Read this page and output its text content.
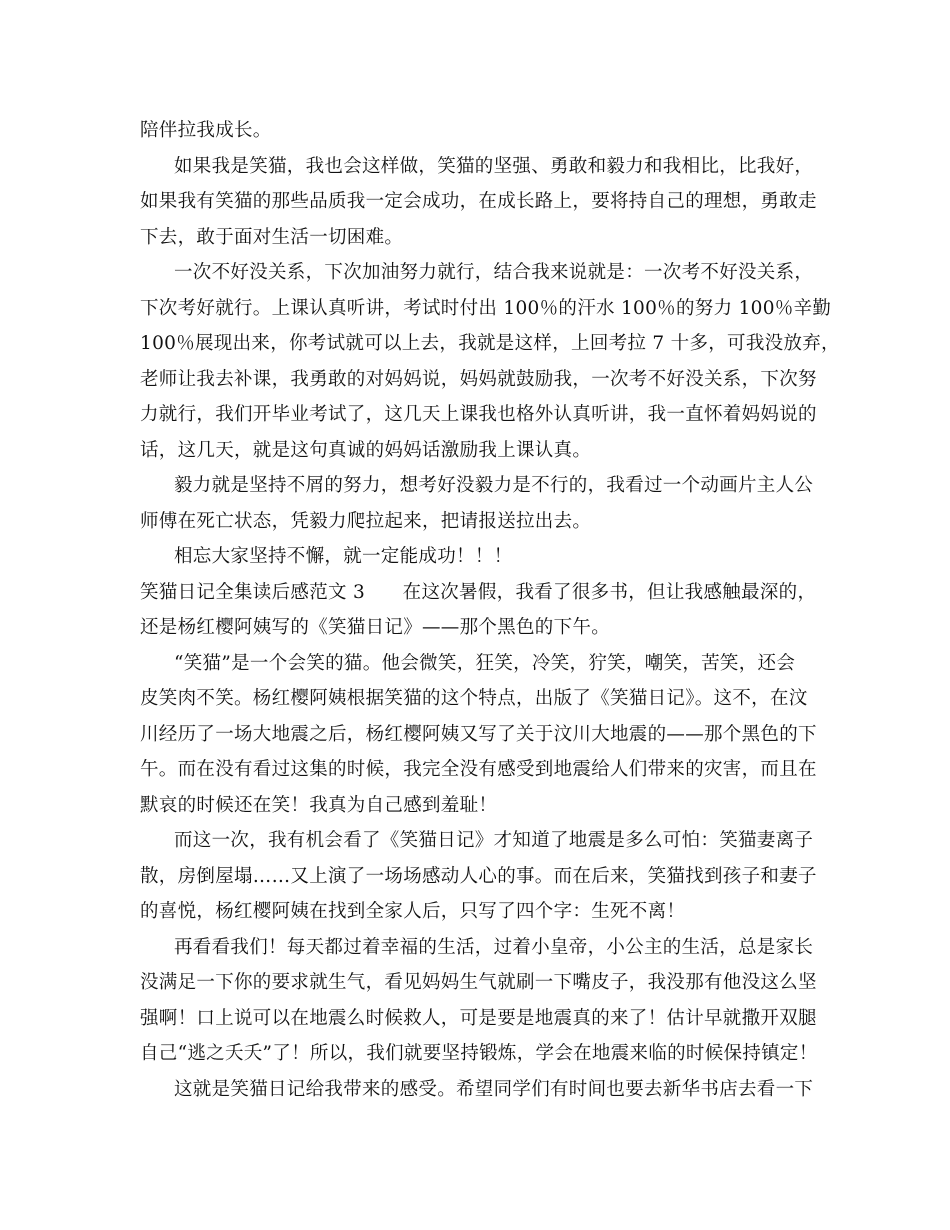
陪伴拉我成长。
如果我是笑猫，我也会这样做，笑猫的坚强、勇敢和毅力和我相比，比我好，
如果我有笑猫的那些品质我一定会成功，在成长路上，要将持自己的理想，勇敢走
下去，敢于面对生活一切困难。
一次不好没关系，下次加油努力就行，结合我来说就是：一次考不好没关系，
下次考好就行。上课认真听讲，考试时付出 100％的汗水 100％的努力 100％辛勤
100％展现出来，你考试就可以上去，我就是这样，上回考拉 7 十多，可我没放弃，
老师让我去补课，我勇敢的对妈妈说，妈妈就鼓励我，一次考不好没关系，下次努
力就行，我们开毕业考试了，这几天上课我也格外认真听讲，我一直怀着妈妈说的
话，这几天，就是这句真诚的妈妈话激励我上课认真。
毅力就是坚持不屑的努力，想考好没毅力是不行的，我看过一个动画片主人公
师傅在死亡状态，凭毅力爬拉起来，把请报送拉出去。
相忘大家坚持不懈，就一定能成功！！！
笑猫日记全集读后感范文 3　　在这次暑假，我看了很多书，但让我感触最深的，
还是杨红樱阿姨写的《笑猫日记》——那个黑色的下午。
“笑猫”是一个会笑的猫。他会微笑，狂笑，冷笑，狞笑，嘲笑，苦笑，还会
皮笑肉不笑。杨红樱阿姨根据笑猫的这个特点，出版了《笑猫日记》。这不，在汶
川经历了一场大地震之后，杨红樱阿姨又写了关于汶川大地震的——那个黑色的下
午。而在没有看过这集的时候，我完全没有感受到地震给人们带来的灾害，而且在
默哀的时候还在笑！我真为自己感到羞耻！
而这一次，我有机会看了《笑猫日记》才知道了地震是多么可怕：笑猫妻离子
散，房倒屋塌……又上演了一场场感动人心的事。而在后来，笑猫找到孩子和妻子
的喜悦，杨红樱阿姨在找到全家人后，只写了四个字：生死不离！
再看看我们！每天都过着幸福的生活，过着小皇帝，小公主的生活，总是家长
没满足一下你的要求就生气，看见妈妈生气就刷一下嘴皮子，我没那有他没这么坚
强啊！口上说可以在地震么时候救人，可是要是地震真的来了！估计早就撒开双腿
自己“逃之夭夭”了！所以，我们就要坚持锻炼，学会在地震来临的时候保持镇定！
这就是笑猫日记给我带来的感受。希望同学们有时间也要去新华书店去看一下
